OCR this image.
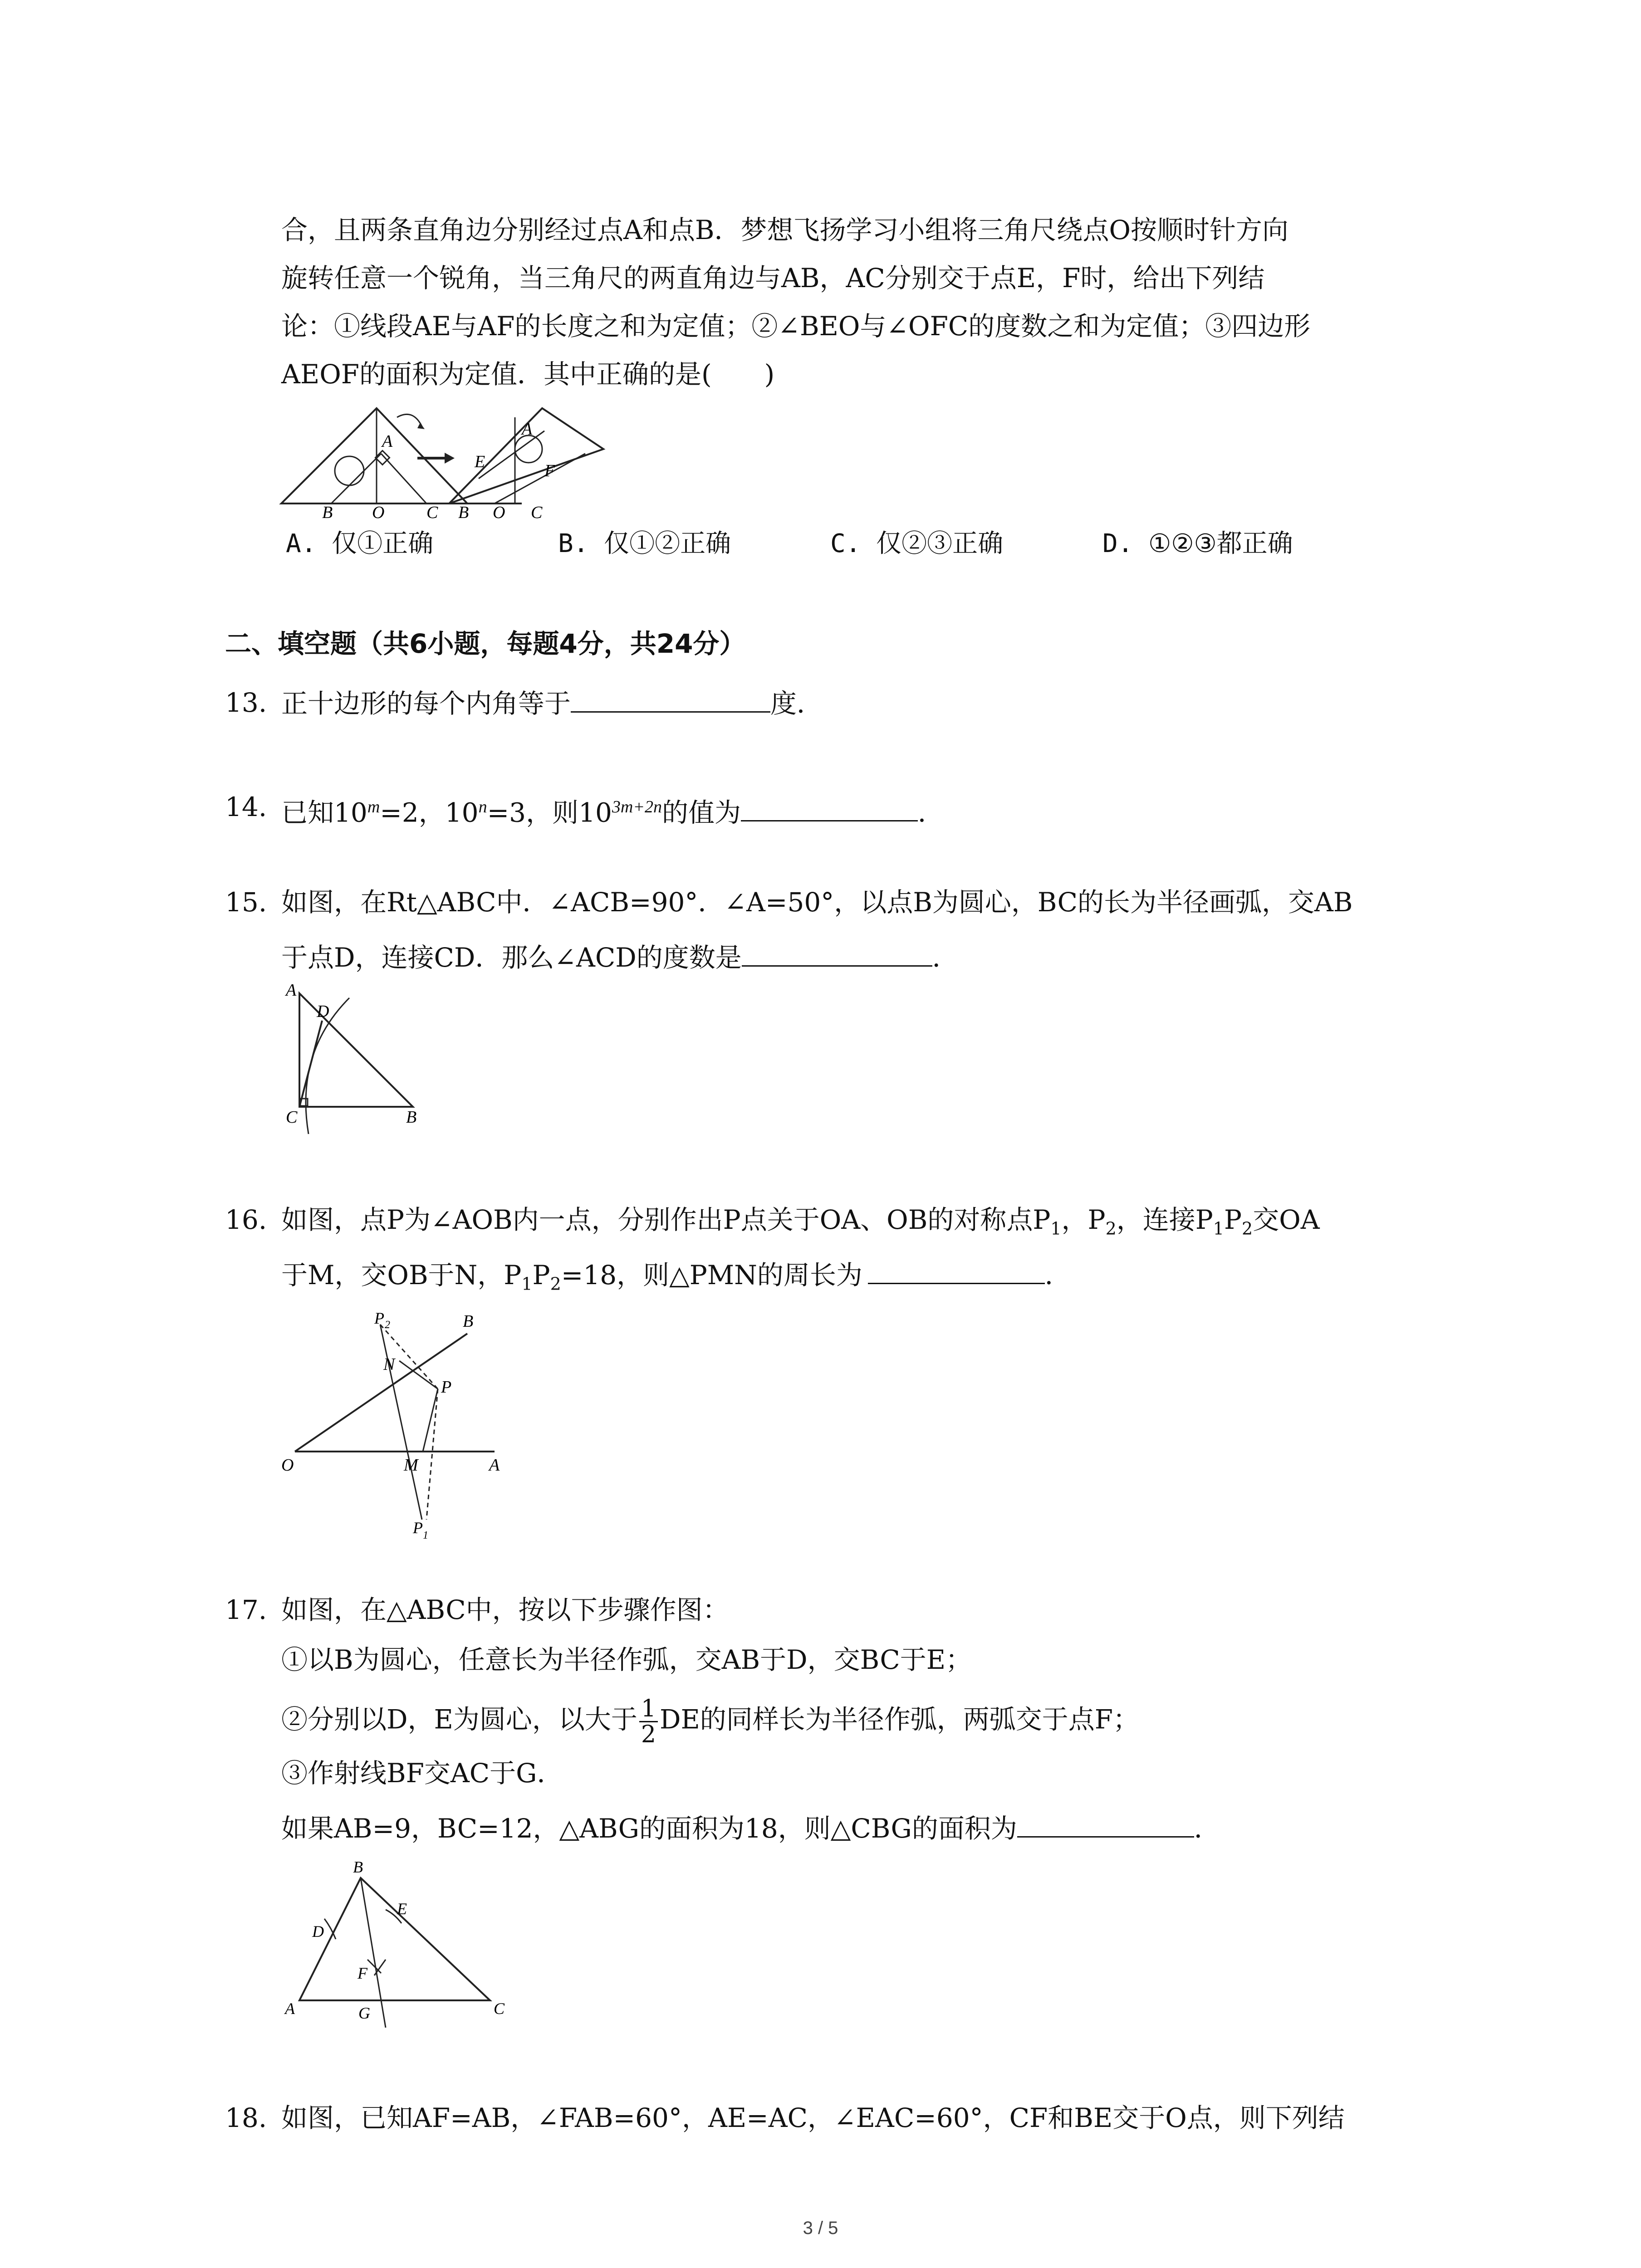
合，且两条直角边分别经过点A和点B．梦想飞扬学习小组将三角尺绕点O按顺时针方向
旋转任意一个锐角，当三角尺的两直角边与AB，AC分别交于点E，F时，给出下列结
论：①线段AE与AF的长度之和为定值；②∠BEO与∠OFC的度数之和为定值；③四边形
AEOF的面积为定值．其中正确的是(　　)
A
B O C
A
E	F
B O C
A. 仅①正确	B. 仅①②正确	C. 仅②③正确	D. ①②③都正确
二、填空题（共6小题，每题4分，共24分）
13. 正十边形的每个内角等于	度．
14. 已知$10^m=2$，$10^n=3$，则$10^{3m+2n}$的值为	．
15. 如图，在Rt△ABC中．∠ACB=90°．∠A=50°，以点B为圆心，BC的长为半径画弧，交AB
于点D，连接CD．那么∠ACD的度数是	．
A
D
C	B
16. 如图，点P为∠AOB内一点，分别作出P点关于OA、OB的对称点$P_1$，$P_2$，连接$P_1P_2$交OA
于M，交OB于N，$P_1P_2=18$，则△PMN的周长为	．
P 2	B
N
P
O	M	A
P 1
17. 如图，在△ABC中，按以下步骤作图：
①以B为圆心，任意长为半径作弧，交AB于D，交BC于E；
②分别以D，E为圆心，以大于 $\frac{1}{2}$ DE的同样长为半径作弧，两弧交于点F；
③作射线BF交AC于G．
如果AB=9，BC=12，△ABG的面积为18，则△CBG的面积为	．
B
D
E
F
A	G	C
18. 如图，已知AF=AB，∠FAB=60°，AE=AC，∠EAC=60°，CF和BE交于O点，则下列结
3 / 5
